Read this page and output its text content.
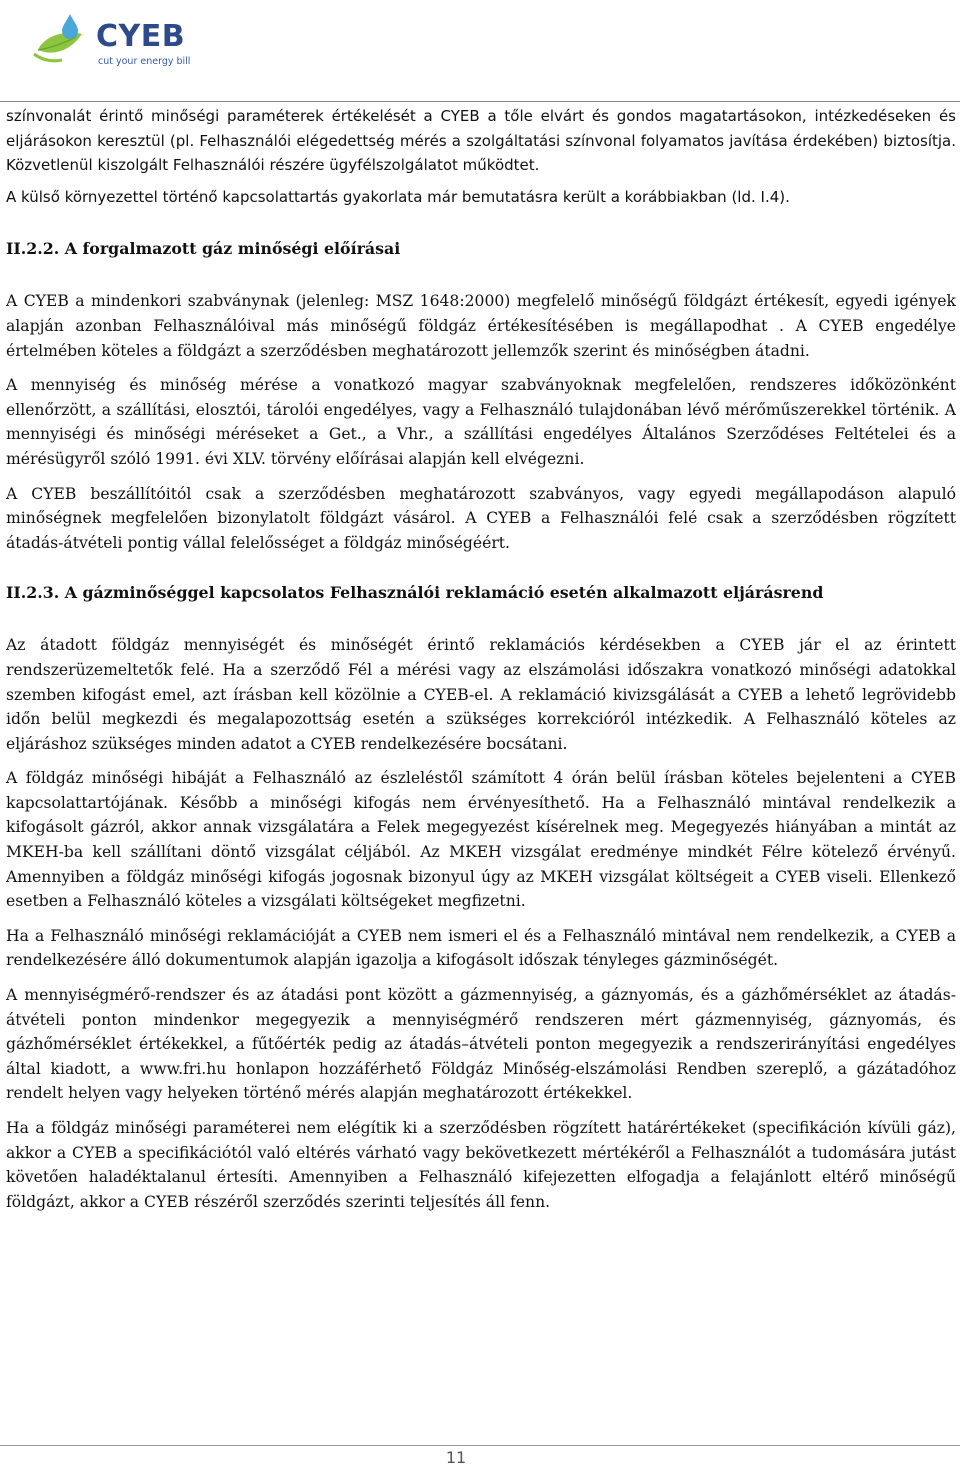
CYEB
cut your energy bill

színvonalát érintő minőségi paraméterek értékelését a CYEB a tőle elvárt és gondos magatartásokon, intézkedéseken és eljárásokon keresztül (pl. Felhasználói elégedettség mérés a szolgáltatási színvonal folyamatos javítása érdekében) biztosítja. Közvetlenül kiszolgált Felhasználói részére ügyfélszolgálatot működtet.

A külső környezettel történő kapcsolattartás gyakorlata már bemutatásra került a korábbiakban (ld. I.4).

II.2.2. A forgalmazott gáz minőségi előírásai

A CYEB a mindenkori szabványnak (jelenleg: MSZ 1648:2000) megfelelő minőségű földgázt értékesít, egyedi igények alapján azonban Felhasználóival más minőségű földgáz értékesítésében is megállapodhat . A CYEB engedélye értelmében köteles a földgázt a szerződésben meghatározott jellemzők szerint és minőségben átadni.

A mennyiség és minőség mérése a vonatkozó magyar szabványoknak megfelelően, rendszeres időközönként ellenőrzött, a szállítási, elosztói, tárolói engedélyes, vagy a Felhasználó tulajdonában lévő mérőműszerekkel történik. A mennyiségi és minőségi méréseket a Get., a Vhr., a szállítási engedélyes Általános Szerződéses Feltételei és a mérésügyről szóló 1991. évi XLV. törvény előírásai alapján kell elvégezni.

A CYEB beszállítóitól csak a szerződésben meghatározott szabványos, vagy egyedi megállapodáson alapuló minőségnek megfelelően bizonylatolt földgázt vásárol. A CYEB a Felhasználói felé csak a szerződésben rögzített átadás-átvételi pontig vállal felelősséget a földgáz minőségéért.

II.2.3. A gázminőséggel kapcsolatos Felhasználói reklamáció esetén alkalmazott eljárásrend

Az átadott földgáz mennyiségét és minőségét érintő reklamációs kérdésekben a CYEB jár el az érintett rendszerüzemeltetők felé. Ha a szerződő Fél a mérési vagy az elszámolási időszakra vonatkozó minőségi adatokkal szemben kifogást emel, azt írásban kell közölnie a CYEB-el. A reklamáció kivizsgálását a CYEB a lehető legrövidebb időn belül megkezdi és megalapozottság esetén a szükséges korrekcióról intézkedik. A Felhasználó köteles az eljáráshoz szükséges minden adatot a CYEB rendelkezésére bocsátani.

A földgáz minőségi hibáját a Felhasználó az észleléstől számított 4 órán belül írásban köteles bejelenteni a CYEB kapcsolattartójának. Később a minőségi kifogás nem érvényesíthető. Ha a Felhasználó mintával rendelkezik a kifogásolt gázról, akkor annak vizsgálatára a Felek megegyezést kísérelnek meg. Megegyezés hiányában a mintát az MKEH-ba kell szállítani döntő vizsgálat céljából. Az MKEH vizsgálat eredménye mindkét Félre kötelező érvényű. Amennyiben a földgáz minőségi kifogás jogosnak bizonyul úgy az MKEH vizsgálat költségeit a CYEB viseli. Ellenkező esetben a Felhasználó köteles a vizsgálati költségeket megfizetni.

Ha a Felhasználó minőségi reklamációját a CYEB nem ismeri el és a Felhasználó mintával nem rendelkezik, a CYEB a rendelkezésére álló dokumentumok alapján igazolja a kifogásolt időszak tényleges gázminőségét.

A mennyiségmérő-rendszer és az átadási pont között a gázmennyiség, a gáznyomás, és a gázhőmérséklet az átadás-átvételi ponton mindenkor megegyezik a mennyiségmérő rendszeren mért gázmennyiség, gáznyomás, és gázhőmérséklet értékekkel, a fűtőérték pedig az átadás–átvételi ponton megegyezik a rendszerirányítási engedélyes által kiadott, a www.fri.hu honlapon hozzáférhető Földgáz Minőség-elszámolási Rendben szereplő, a gázátadóhoz rendelt helyen vagy helyeken történő mérés alapján meghatározott értékekkel.

Ha a földgáz minőségi paraméterei nem elégítik ki a szerződésben rögzített határértékeket (specifikáción kívüli gáz), akkor a CYEB a specifikációtól való eltérés várható vagy bekövetkezett mértékéről a Felhasználót a tudomására jutást követően haladéktalanul értesíti. Amennyiben a Felhasználó kifejezetten elfogadja a felajánlott eltérő minőségű földgázt, akkor a CYEB részéről szerződés szerinti teljesítés áll fenn.

11
